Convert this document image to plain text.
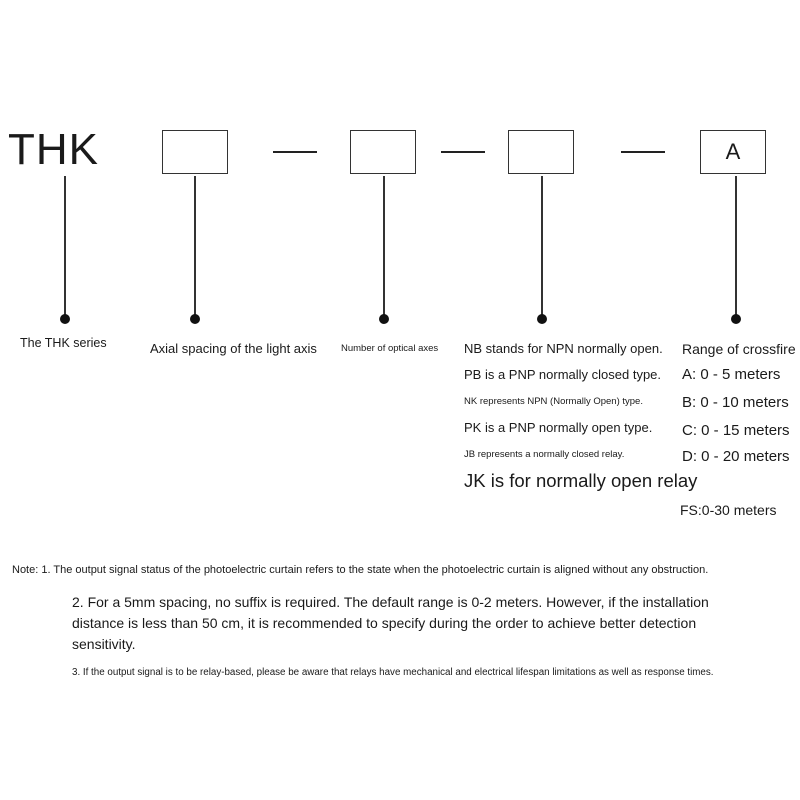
THK	A
The THK series	Axial spacing of the light axis	Number of optical axes NB stands for NPN normally open.
PB is a PNP normally closed type.
NK represents NPN (Normally Open) type.
PK is a PNP normally open type.
JB represents a normally closed relay.
JK is for normally open relay
Range of crossfire
A: 0 - 5 meters
B: 0 - 10 meters
C: 0 - 15 meters
D: 0 - 20 meters
FS:0-30 meters
Note: 1. The output signal status of the photoelectric curtain refers to the state when the photoelectric curtain is aligned without any obstruction.
2. For a 5mm spacing, no suffix is required. The default range is 0-2 meters. However, if the installation distance is less than 50 cm, it is recommended to specify during the order to achieve better detection sensitivity.
3. If the output signal is to be relay-based, please be aware that relays have mechanical and electrical lifespan limitations as well as response times.
